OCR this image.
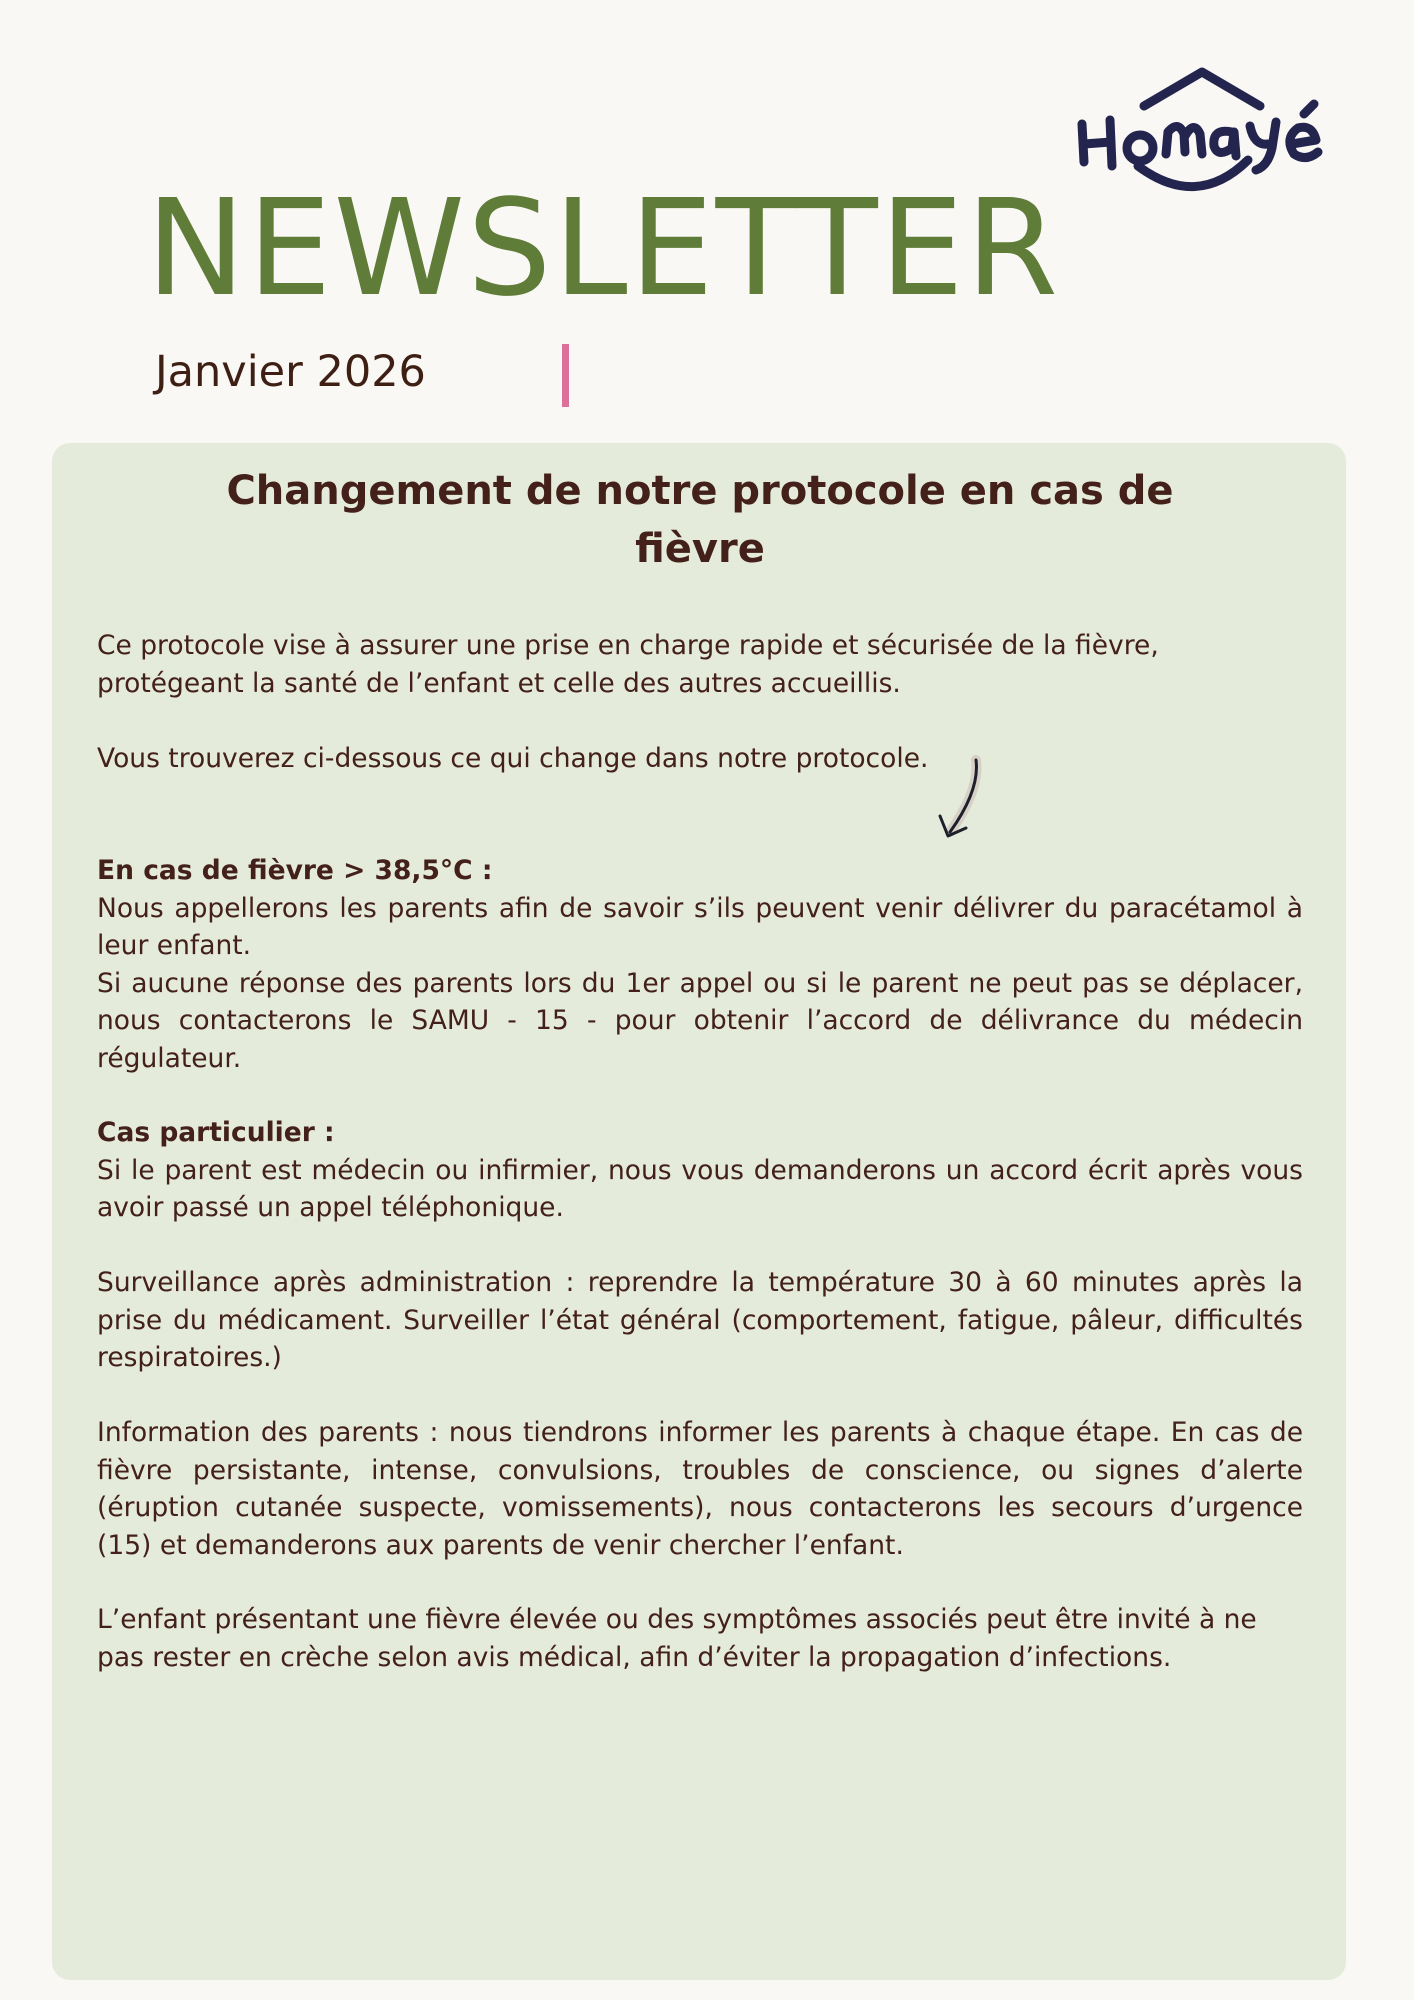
NEWSLETTER
Janvier 2026
Changement de notre protocole en cas de
fièvre

Ce protocole vise à assurer une prise en charge rapide et sécurisée de la fièvre, protégeant la santé de l’enfant et celle des autres accueillis.

Vous trouverez ci-dessous ce qui change dans notre protocole.

En cas de fièvre > 38,5°C :

Nous appellerons les parents afin de savoir s’ils peuvent venir délivrer du paracétamol à leur enfant.

Si aucune réponse des parents lors du 1er appel ou si le parent ne peut pas se déplacer, nous contacterons le SAMU - 15 - pour obtenir l’accord de délivrance du médecin régulateur.

Cas particulier :

Si le parent est médecin ou infirmier, nous vous demanderons un accord écrit après vous avoir passé un appel téléphonique.

Surveillance après administration : reprendre la température 30 à 60 minutes après la prise du médicament. Surveiller l’état général (comportement, fatigue, pâleur, difficultés respiratoires.)

Information des parents : nous tiendrons informer les parents à chaque étape. En cas de fièvre persistante, intense, convulsions, troubles de conscience, ou signes d’alerte (éruption cutanée suspecte, vomissements), nous contacterons les secours d’urgence (15) et demanderons aux parents de venir chercher l’enfant.

L’enfant présentant une fièvre élevée ou des symptômes associés peut être invité à ne pas rester en crèche selon avis médical, afin d’éviter la propagation d’infections.
